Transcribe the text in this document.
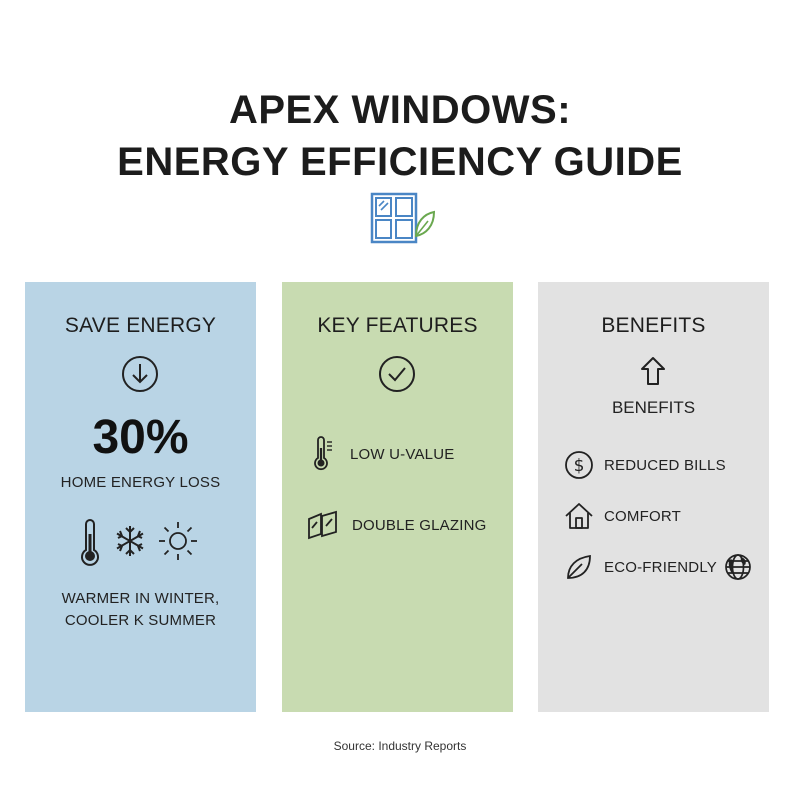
APEX WINDOWS:
ENERGY EFFICIENCY GUIDE
SAVE ENERGY
30%
HOME ENERGY LOSS
WARMER IN WINTER,
COOLER K SUMMER
KEY FEATURES
LOW U-VALUE
DOUBLE GLAZING
BENEFITS
BENEFITS
$ REDUCED BILLS
COMFORT
ECO-FRIENDLY
Source: Industry Reports
